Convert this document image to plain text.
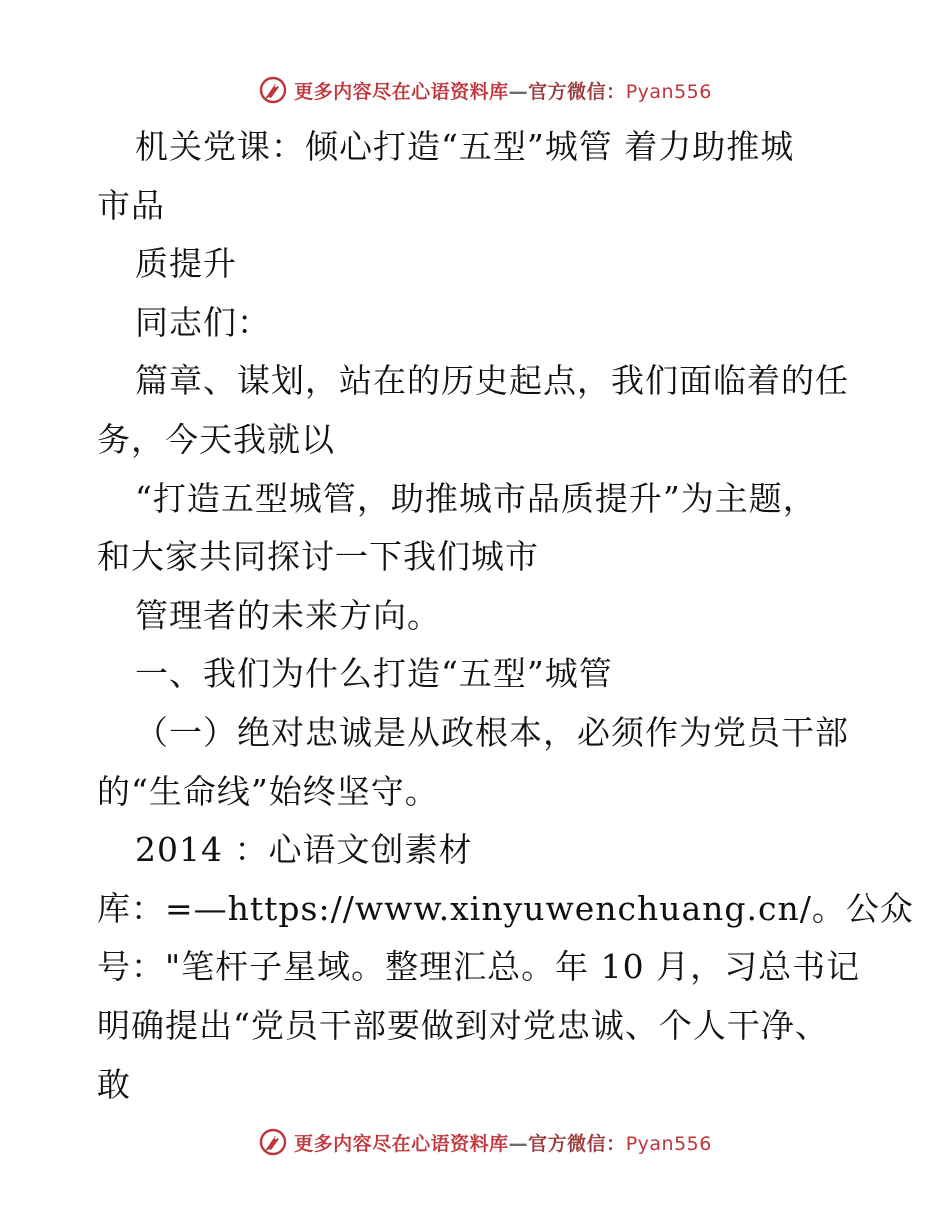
更多内容尽在心语资料库—官方微信：Pyan556

机关党课：倾心打造“五型”城管 着力助推城

市品

质提升

同志们：

篇章、谋划，站在的历史起点，我们面临着的任

务，今天我就以

“打造五型城管，助推城市品质提升”为主题，

和大家共同探讨一下我们城市

管理者的未来方向。

一、我们为什么打造“五型”城管

（一）绝对忠诚是从政根本，必须作为党员干部

的“生命线”始终坚守。

2014 ：心语文创素材

库：=—https://www.xinyuwenchuang.cn/。公众

号："笔杆子星域。整理汇总。年 10 月，习总书记

明确提出“党员干部要做到对党忠诚、个人干净、

敢

更多内容尽在心语资料库—官方微信：Pyan556
